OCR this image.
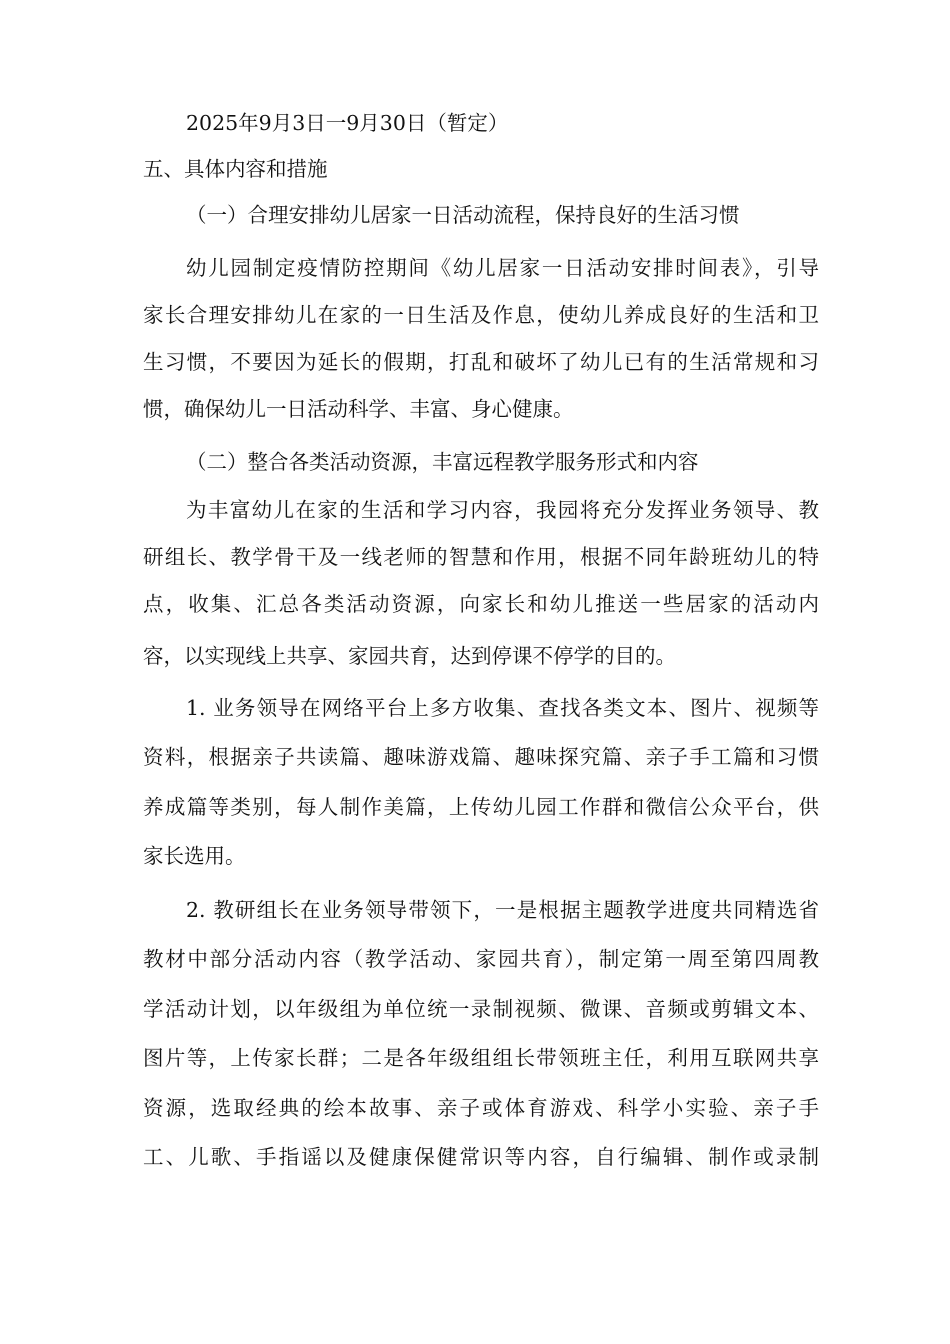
2025年9月3日一9月30日（暂定）
五、具体内容和措施
（一）合理安排幼儿居家一日活动流程，保持良好的生活习惯
幼儿园制定疫情防控期间《幼儿居家一日活动安排时间表》，引导
家长合理安排幼儿在家的一日生活及作息，使幼儿养成良好的生活和卫
生习惯，不要因为延长的假期，打乱和破坏了幼儿已有的生活常规和习
惯，确保幼儿一日活动科学、丰富、身心健康。
（二）整合各类活动资源，丰富远程教学服务形式和内容
为丰富幼儿在家的生活和学习内容，我园将充分发挥业务领导、教
研组长、教学骨干及一线老师的智慧和作用，根据不同年龄班幼儿的特
点，收集、汇总各类活动资源，向家长和幼儿推送一些居家的活动内
容，以实现线上共享、家园共育，达到停课不停学的目的。
1. 业务领导在网络平台上多方收集、查找各类文本、图片、视频等
资料，根据亲子共读篇、趣味游戏篇、趣味探究篇、亲子手工篇和习惯
养成篇等类别，每人制作美篇，上传幼儿园工作群和微信公众平台，供
家长选用。
2. 教研组长在业务领导带领下，一是根据主题教学进度共同精选省
教材中部分活动内容（教学活动、家园共育），制定第一周至第四周教
学活动计划，以年级组为单位统一录制视频、微课、音频或剪辑文本、
图片等，上传家长群；二是各年级组组长带领班主任，利用互联网共享
资源，选取经典的绘本故事、亲子或体育游戏、科学小实验、亲子手
工、儿歌、手指谣以及健康保健常识等内容，自行编辑、制作或录制
